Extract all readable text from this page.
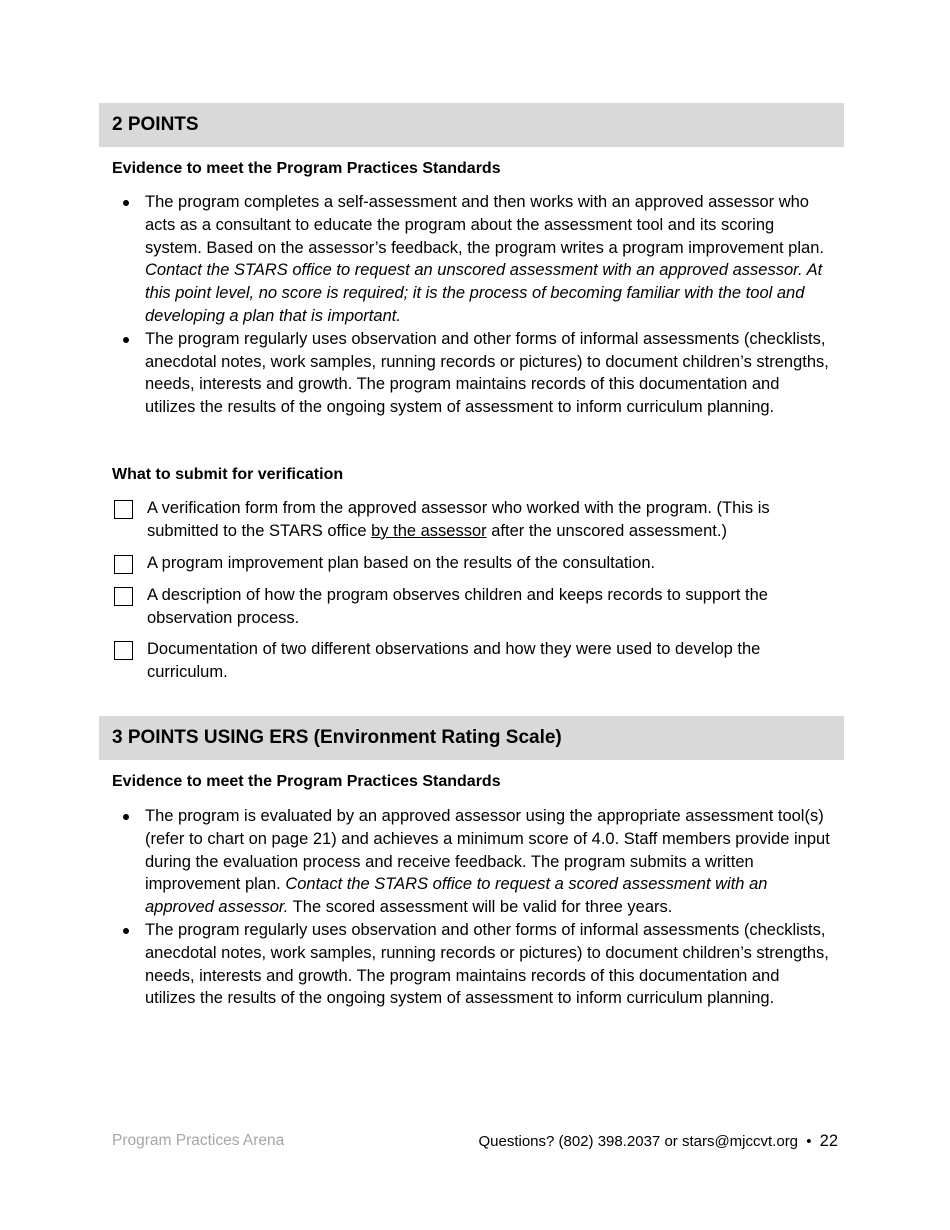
2 POINTS
Evidence to meet the Program Practices Standards
The program completes a self-assessment and then works with an approved assessor who acts as a consultant to educate the program about the assessment tool and its scoring system. Based on the assessor’s feedback, the program writes a program improvement plan. Contact the STARS office to request an unscored assessment with an approved assessor. At this point level, no score is required; it is the process of becoming familiar with the tool and developing a plan that is important.
The program regularly uses observation and other forms of informal assessments (checklists, anecdotal notes, work samples, running records or pictures) to document children’s strengths, needs, interests and growth. The program maintains records of this documentation and utilizes the results of the ongoing system of assessment to inform curriculum planning.
What to submit for verification
A verification form from the approved assessor who worked with the program. (This is submitted to the STARS office by the assessor after the unscored assessment.)
A program improvement plan based on the results of the consultation.
A description of how the program observes children and keeps records to support the observation process.
Documentation of two different observations and how they were used to develop the curriculum.
3 POINTS USING ERS (Environment Rating Scale)
Evidence to meet the Program Practices Standards
The program is evaluated by an approved assessor using the appropriate assessment tool(s) (refer to chart on page 21) and achieves a minimum score of 4.0. Staff members provide input during the evaluation process and receive feedback. The program submits a written improvement plan. Contact the STARS office to request a scored assessment with an approved assessor. The scored assessment will be valid for three years.
The program regularly uses observation and other forms of informal assessments (checklists, anecdotal notes, work samples, running records or pictures) to document children’s strengths, needs, interests and growth. The program maintains records of this documentation and utilizes the results of the ongoing system of assessment to inform curriculum planning.
Program Practices Arena	Questions? (802) 398.2037 or stars@mjccvt.org • 22
